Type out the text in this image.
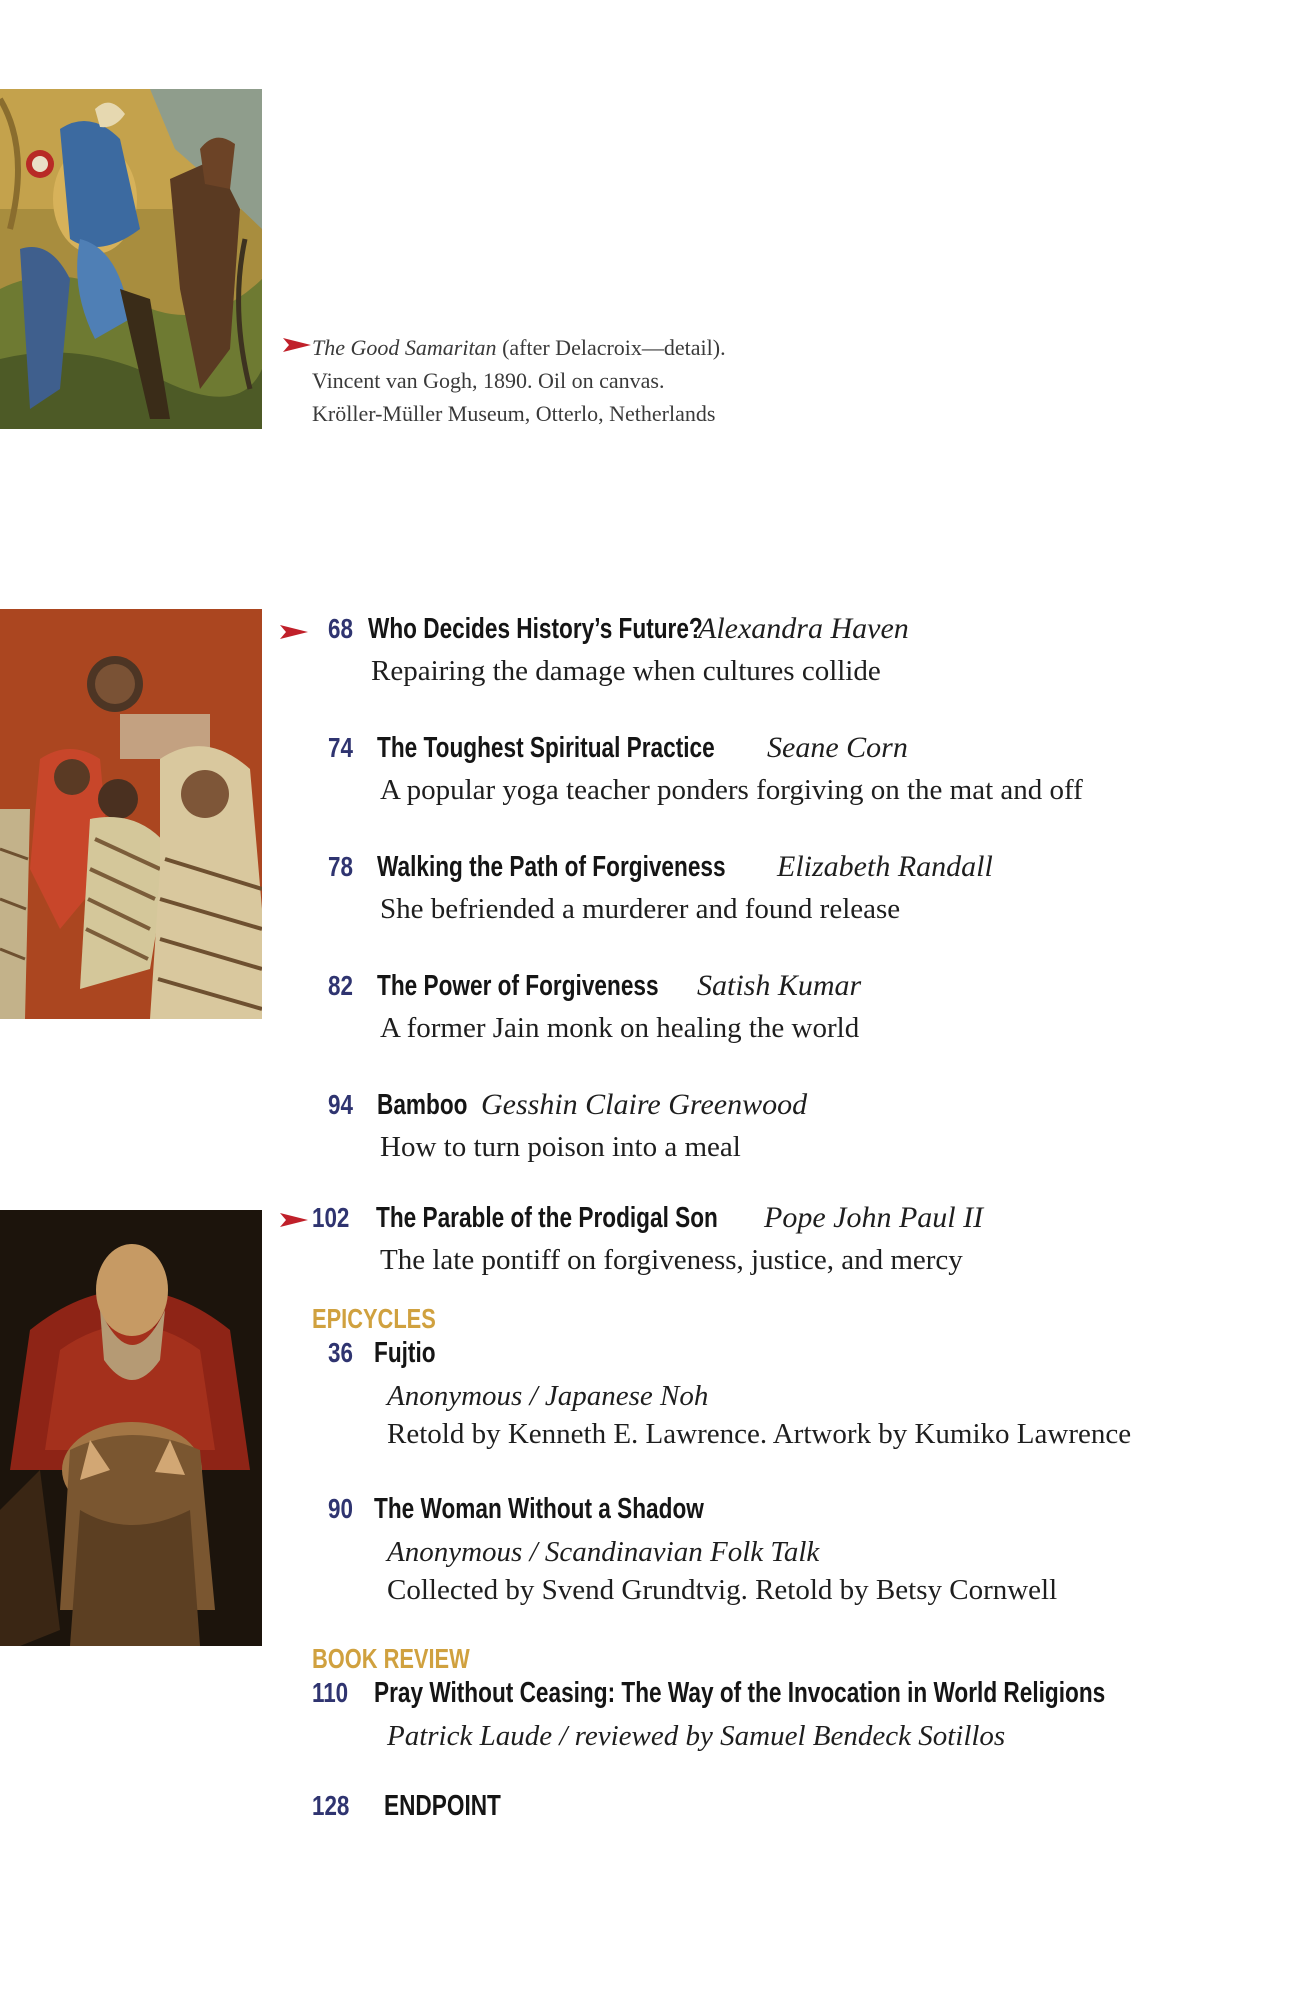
The Good Samaritan (after Delacroix—detail).
Vincent van Gogh, 1890. Oil on canvas.
Kröller-Müller Museum, Otterlo, Netherlands
68 Who Decides History’s Future?
Alexandra Haven
Repairing the damage when cultures collide
74 The Toughest Spiritual Practice Seane Corn
A popular yoga teacher ponders forgiving on the mat and off
78 Walking the Path of Forgiveness Elizabeth Randall
She befriended a murderer and found release
82 The Power of Forgiveness Satish Kumar
A former Jain monk on healing the world
94 Bamboo Gesshin Claire Greenwood
How to turn poison into a meal
102 The Parable of the Prodigal Son Pope John Paul II
The late pontiff on forgiveness, justice, and mercy
EPICYCLES
36 Fujtio
Anonymous / Japanese Noh
Retold by Kenneth E. Lawrence. Artwork by Kumiko Lawrence
90 The Woman Without a Shadow
Anonymous / Scandinavian Folk Talk
Collected by Svend Grundtvig. Retold by Betsy Cornwell
BOOK REVIEW
110 Pray Without Ceasing: The Way of the Invocation in World Religions
Patrick Laude / reviewed by Samuel Bendeck Sotillos
128	ENDPOINT
